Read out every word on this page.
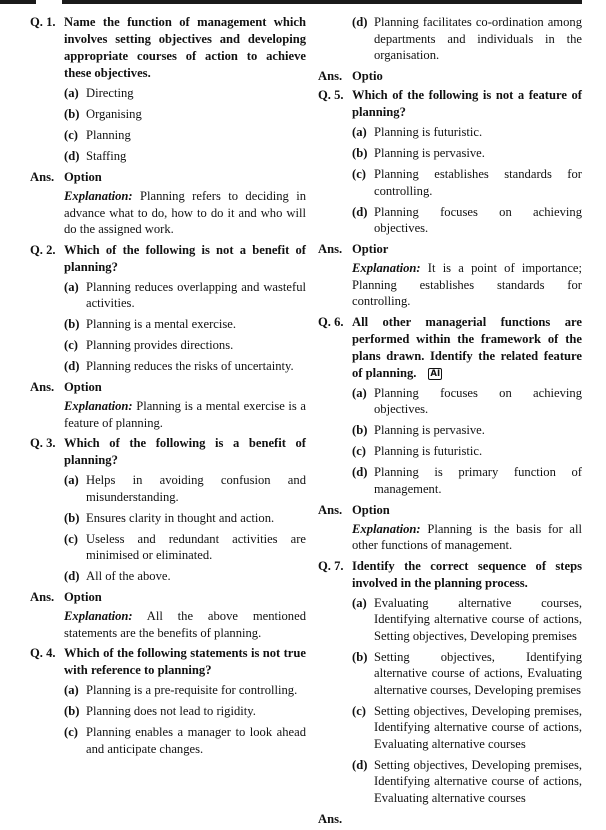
Q. 1. Name the function of management which involves setting objectives and developing appropriate courses of action to achieve these objectives.
(a) Directing
(b) Organising
(c) Planning
(d) Staffing
Ans. Option
Explanation: Planning refers to deciding in advance what to do, how to do it and who will do the assigned work.
Q. 2. Which of the following is not a benefit of planning?
(a) Planning reduces overlapping and wasteful activities.
(b) Planning is a mental exercise.
(c) Planning provides directions.
(d) Planning reduces the risks of uncertainty.
Ans. Option
Explanation: Planning is a mental exercise is a feature of planning.
Q. 3. Which of the following is a benefit of planning?
(a) Helps in avoiding confusion and misunderstanding.
(b) Ensures clarity in thought and action.
(c) Useless and redundant activities are minimised or eliminated.
(d) All of the above.
Ans. Option
Explanation: All the above mentioned statements are the benefits of planning.
Q. 4. Which of the following statements is not true with reference to planning?
(a) Planning is a pre-requisite for controlling.
(b) Planning does not lead to rigidity.
(c) Planning enables a manager to look ahead and anticipate changes.
(d) Planning facilitates co-ordination among departments and individuals in the organisation.
Ans. Optio
Q. 5. Which of the following is not a feature of planning?
(a) Planning is futuristic.
(b) Planning is pervasive.
(c) Planning establishes standards for controlling.
(d) Planning focuses on achieving objectives.
Ans. Optior
Explanation: It is a point of importance; Planning establishes standards for controlling.
Q. 6. All other managerial functions are performed within the framework of the plans drawn. Identify the related feature of planning. AI
(a) Planning focuses on achieving objectives.
(b) Planning is pervasive.
(c) Planning is futuristic.
(d) Planning is primary function of management.
Ans. Option
Explanation: Planning is the basis for all other functions of management.
Q. 7. Identify the correct sequence of steps involved in the planning process.
(a) Evaluating alternative courses, Identifying alternative course of actions, Setting objectives, Developing premises
(b) Setting objectives, Identifying alternative course of actions, Evaluating alternative courses, Developing premises
(c) Setting objectives, Developing premises, Identifying alternative course of actions, Evaluating alternative courses
(d) Setting objectives, Developing premises, Identifying alternative course of actions, Evaluating alternative courses
Ans.
